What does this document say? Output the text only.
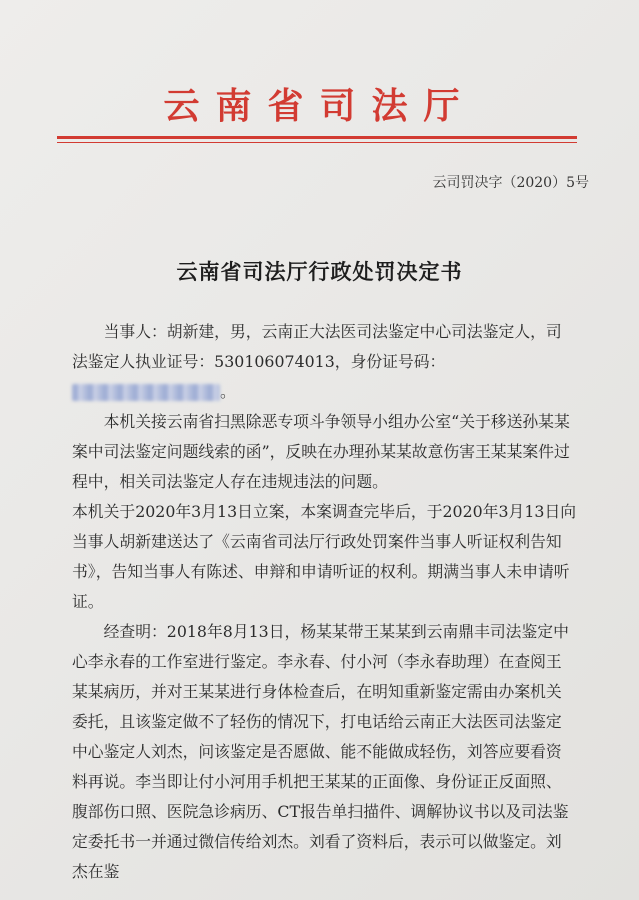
云南省司法厅
云司罚决字（2020）5号
云南省司法厅行政处罚决定书

当事人：胡新建，男，云南正大法医司法鉴定中心司法鉴定人，司法鉴定人执业证号：530106074013，身份证号码：。

本机关接云南省扫黑除恶专项斗争领导小组办公室“关于移送孙某某案中司法鉴定问题线索的函”，反映在办理孙某某故意伤害王某某案件过程中，相关司法鉴定人存在违规违法的问题。

本机关于2020年3月13日立案，本案调查完毕后，于2020年3月13日向当事人胡新建送达了《云南省司法厅行政处罚案件当事人听证权利告知书》，告知当事人有陈述、申辩和申请听证的权利。期满当事人未申请听证。

经查明：2018年8月13日，杨某某带王某某到云南鼎丰司法鉴定中心李永春的工作室进行鉴定。李永春、付小河（李永春助理）在查阅王某某病历，并对王某某进行身体检查后，在明知重新鉴定需由办案机关委托，且该鉴定做不了轻伤的情况下，打电话给云南正大法医司法鉴定中心鉴定人刘杰，问该鉴定是否愿做、能不能做成轻伤，刘答应要看资料再说。李当即让付小河用手机把王某某的正面像、身份证正反面照、腹部伤口照、医院急诊病历、CT报告单扫描件、调解协议书以及司法鉴定委托书一并通过微信传给刘杰。刘看了资料后，表示可以做鉴定。刘杰在鉴
